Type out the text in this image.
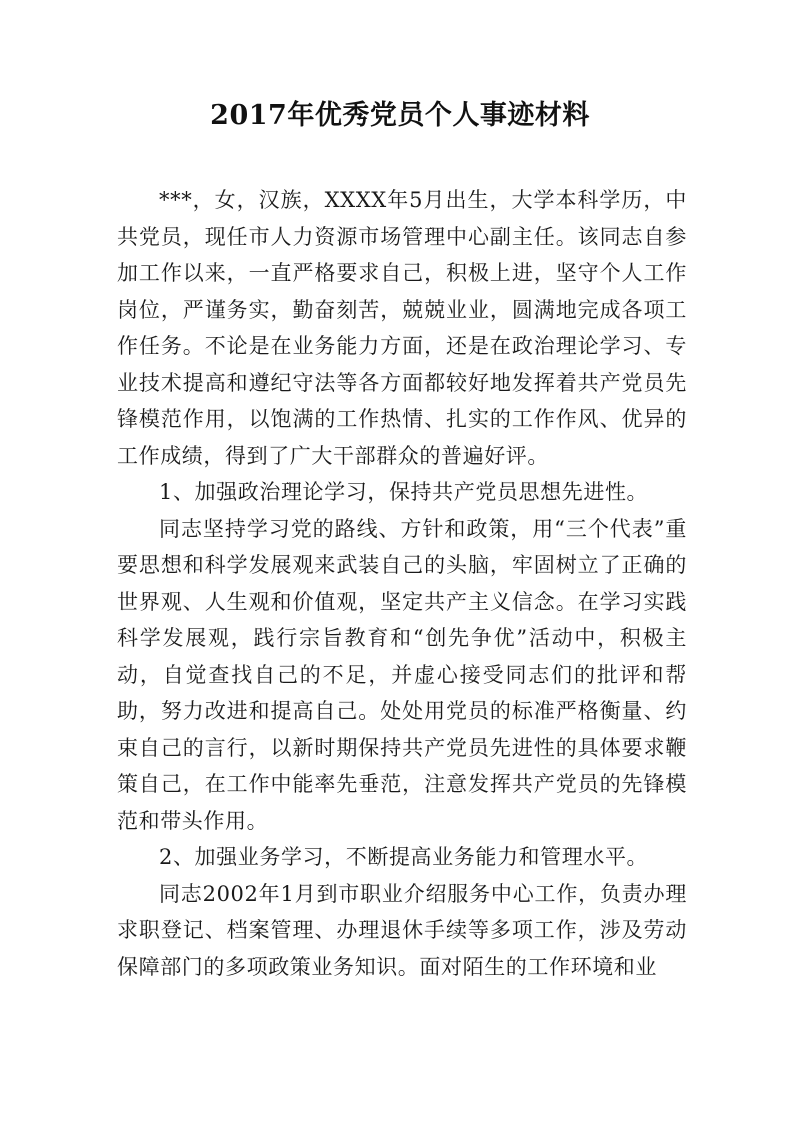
2017年优秀党员个人事迹材料

***，女，汉族，XXXX年5月出生，大学本科学历，中共党员，现任市人力资源市场管理中心副主任。该同志自参加工作以来，一直严格要求自己，积极上进，坚守个人工作岗位，严谨务实，勤奋刻苦，兢兢业业，圆满地完成各项工作任务。不论是在业务能力方面，还是在政治理论学习、专业技术提高和遵纪守法等各方面都较好地发挥着共产党员先锋模范作用，以饱满的工作热情、扎实的工作作风、优异的工作成绩，得到了广大干部群众的普遍好评。

1、加强政治理论学习，保持共产党员思想先进性。

同志坚持学习党的路线、方针和政策，用“三个代表”重要思想和科学发展观来武装自己的头脑，牢固树立了正确的世界观、人生观和价值观，坚定共产主义信念。在学习实践科学发展观，践行宗旨教育和“创先争优”活动中，积极主动，自觉查找自己的不足，并虚心接受同志们的批评和帮助，努力改进和提高自己。处处用党员的标准严格衡量、约束自己的言行，以新时期保持共产党员先进性的具体要求鞭策自己，在工作中能率先垂范，注意发挥共产党员的先锋模范和带头作用。

2、加强业务学习，不断提高业务能力和管理水平。

同志2002年1月到市职业介绍服务中心工作，负责办理求职登记、档案管理、办理退休手续等多项工作，涉及劳动保障部门的多项政策业务知识。面对陌生的工作环境和业
